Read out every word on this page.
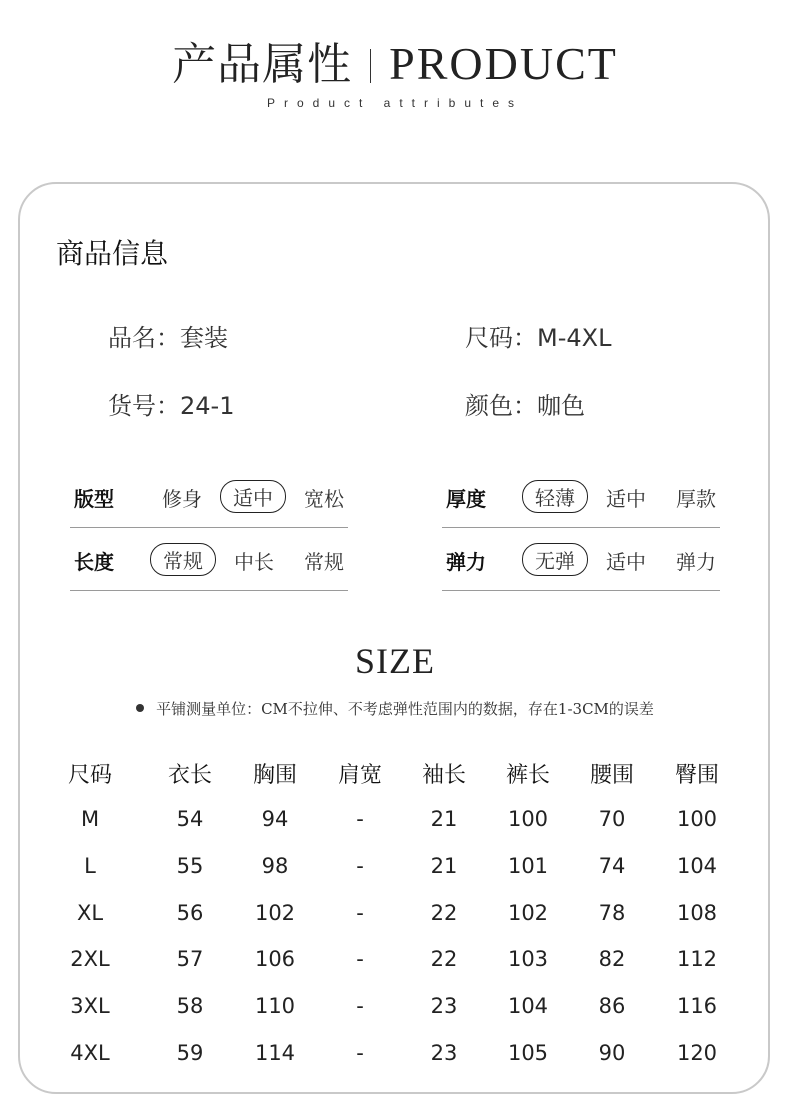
产品属性 PRODUCT
Product attributes
商品信息
品名：套装	尺码：M-4XL
货号：24-1	颜色：咖色
版型 修身	适中	宽松	厚度	轻薄	适中 厚款
长度	常规	中长 常规	弹力	无弹	适中 弹力
SIZE
平铺测量单位：CM不拉伸、不考虑弹性范围内的数据，存在1-3CM的误差
尺码	衣长	胸围	肩宽	袖长	裤长	腰围	臀围
M	54	94	-	21	100	70	100
L	55	98	-	21	101	74	104
XL	56	102	-	22	102	78	108
2XL	57	106	-	22	103	82	112
3XL	58	110	-	23	104	86	116
4XL	59	114	-	23	105	90	120
